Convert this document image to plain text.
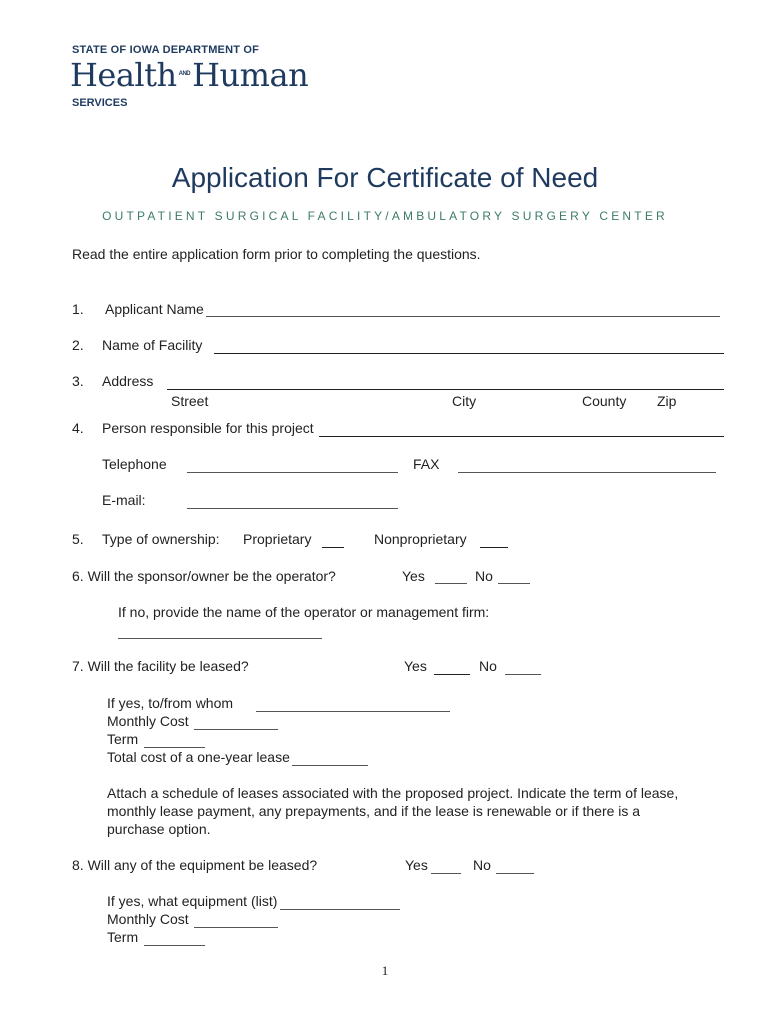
STATE OF IOWA DEPARTMENT OF
Health ANDHuman
SERVICES
Application For Certificate of Need
OUTPATIENT SURGICAL FACILITY/AMBULATORY SURGERY CENTER
Read the entire application form prior to completing the questions.
1. Applicant Name
2. Name of Facility
3. Address
Street	City	County Zip
4. Person responsible for this project
Telephone	FAX
E-mail:
5. Type of ownership: Proprietary	Nonproprietary
6. Will the sponsor/owner be the operator?	Yes	No
If no, provide the name of the operator or management firm:
7. Will the facility be leased?	Yes	No
If yes, to/from whom
Monthly Cost
Term
Total cost of a one-year lease
Attach a schedule of leases associated with the proposed project. Indicate the term of lease,
monthly lease payment, any prepayments, and if the lease is renewable or if there is a
purchase option.
8. Will any of the equipment be leased?	Yes	No
If yes, what equipment (list)
Monthly Cost
Term
1
